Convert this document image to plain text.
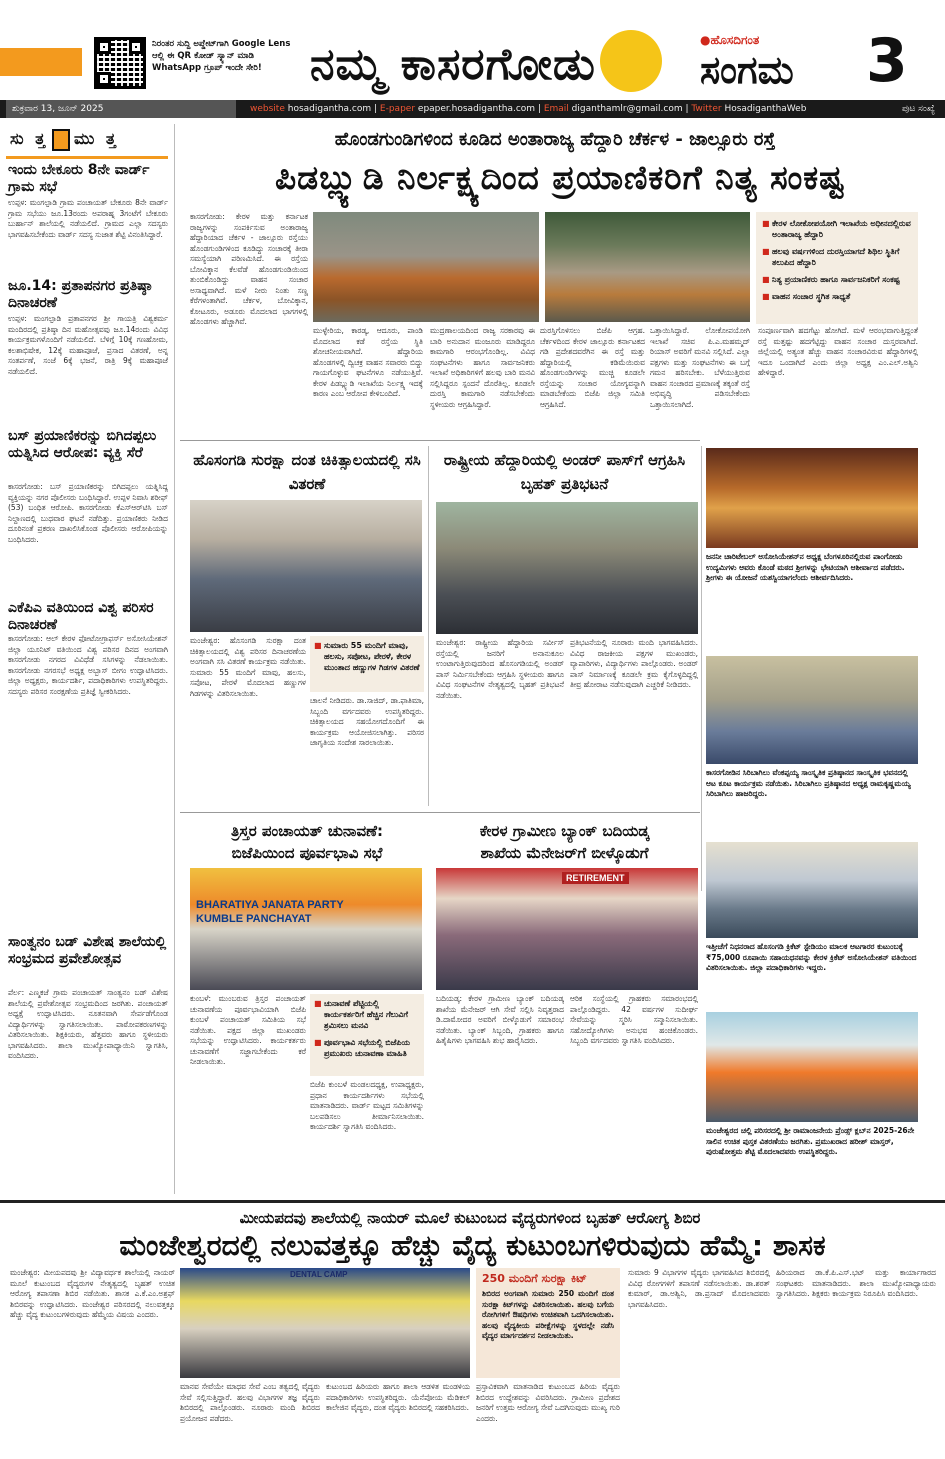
ನಿರಂತರ ಸುದ್ದಿ ಅಪ್ಡೇಟ್‌ಗಾಗಿ Google Lens ಆಲ್ಲಿ ಈ QR ಕೋಡ್ ಸ್ಕ್ಯಾನ್ ಮಾಡಿ WhatsApp ಗ್ರೂಪ್ ಇಂದೇ ಸೇರಿ!	ನಮ್ಮ ಕಾಸರಗೋಡು	●ಹೊಸದಿಗಂತ
ಸಂಗಮ 3
ಶುಕ್ರವಾರ 13, ಜೂನ್ 2025	website hosadigantha.com | E-paper epaper.hosadigantha.com | Email diganthamlr@gmail.com | Twitter HosadiganthaWeb	ಪುಟ ಸಂಖ್ಯೆ
ಸು ತ್ತ ಮು ತ್ತ
ಇಂದು ಬೇಕೂರು 8ನೇ ವಾರ್ಡ್ ಗ್ರಾಮ ಸಭೆ
ಉಪ್ಪಳ: ಮಂಗಲ್ಪಾಡಿ ಗ್ರಾಮ ಪಂಚಾಯತ್ ಬೇಕೂರು 8ನೇ ವಾರ್ಡ್ ಗ್ರಾಮ ಸಭೆಯು ಜೂ.13ರಂದು ಅಪರಾಹ್ನ 3ಗಂಟೆಗೆ ಬೇಕೂರು ಬುರ್ಹಾನ್ ಶಾಲೆಯಲ್ಲಿ ನಡೆಯಲಿದೆ. ಗ್ರಾಮದ ಎಲ್ಲಾ ಸದಸ್ಯರು ಭಾಗವಹಿಸಬೇಕೆಂದು ವಾರ್ಡ್ ಸದಸ್ಯ ಸುಜಾತ ಶೆಟ್ಟಿ ವಿನಂತಿಸಿದ್ದಾರೆ.
ಜೂ.14: ಪ್ರತಾಪನಗರ ಪ್ರತಿಷ್ಠಾ ದಿನಾಚರಣೆ
ಉಪ್ಪಳ: ಮಂಗಲ್ಪಾಡಿ ಪ್ರತಾಪನಗರ ಶ್ರೀ ಗಾಯತ್ರಿ ವಿಶ್ವಕರ್ಮ ಮಂದಿರದಲ್ಲಿ ಪ್ರತಿಷ್ಠಾ ದಿನ ಮಹೋತ್ಸವವು ಜೂ.14ರಂದು ವಿವಿಧ ಕಾರ್ಯಕ್ರಮಗಳೊಂದಿಗೆ ನಡೆಯಲಿದೆ. ಬೆಳಿಗ್ಗೆ 10ಕ್ಕೆ ಗಣಹೋಮ, ಕಲಶಾಭಿಷೇಕ, 12ಕ್ಕೆ ಮಹಾಪೂಜೆ, ಪ್ರಸಾದ ವಿತರಣೆ, ಅನ್ನ ಸಂತರ್ಪಣೆ, ಸಂಜೆ 6ಕ್ಕೆ ಭಜನೆ, ರಾತ್ರಿ 9ಕ್ಕೆ ಮಹಾಪೂಜೆ ನಡೆಯಲಿದೆ.
ಬಸ್ ಪ್ರಯಾಣಿಕರನ್ನು ಬಿಗಿದಪ್ಪಲು ಯತ್ನಿಸಿದ ಆರೋಪ: ವ್ಯಕ್ತಿ ಸೆರೆ
ಕಾಸರಗೋಡು: ಬಸ್ ಪ್ರಯಾಣಿಕರನ್ನು ಬಿಗಿದಪ್ಪಲು ಯತ್ನಿಸಿದ್ದ ವ್ಯಕ್ತಿಯನ್ನು ನಗರ ಪೊಲೀಸರು ಬಂಧಿಸಿದ್ದಾರೆ. ಉಪ್ಪಳ ನಿವಾಸಿ ಶರೀಫ್ (53) ಬಂಧಿತ ಆರೋಪಿ. ಕಾಸರಗೋಡು ಕೆಎಸ್‌ಆರ್‌ಟಿಸಿ ಬಸ್ ನಿಲ್ದಾಣದಲ್ಲಿ ಬುಧವಾರ ಘಟನೆ ನಡೆದಿತ್ತು. ಪ್ರಯಾಣಿಕರು ನೀಡಿದ ದೂರಿನಂತೆ ಪ್ರಕರಣ ದಾಖಲಿಸಿಕೊಂಡ ಪೊಲೀಸರು ಆರೋಪಿಯನ್ನು ಬಂಧಿಸಿದರು.
ಎಕೆಪಿಎ ವತಿಯಿಂದ ವಿಶ್ವ ಪರಿಸರ ದಿನಾಚರಣೆ
ಕಾಸರಗೋಡು: ಆಲ್ ಕೇರಳ ಫೋಟೋಗ್ರಾಫರ್ಸ್ ಅಸೋಸಿಯೇಶನ್ ಜಿಲ್ಲಾ ಯೂನಿಟ್ ವತಿಯಿಂದ ವಿಶ್ವ ಪರಿಸರ ದಿನದ ಅಂಗವಾಗಿ ಕಾಸರಗೋಡು ನಗರದ ವಿವಿಧೆಡೆ ಸಸಿಗಳನ್ನು ನೆಡಲಾಯಿತು. ಕಾಸರಗೋಡು ನಗರಸಭೆ ಅಧ್ಯಕ್ಷ ಅಬ್ಬಾಸ್ ಬೀಗಂ ಉದ್ಘಾಟಿಸಿದರು. ಜಿಲ್ಲಾ ಅಧ್ಯಕ್ಷರು, ಕಾರ್ಯದರ್ಶಿ, ಪದಾಧಿಕಾರಿಗಳು ಉಪಸ್ಥಿತರಿದ್ದರು. ಸದಸ್ಯರು ಪರಿಸರ ಸಂರಕ್ಷಣೆಯ ಪ್ರತಿಜ್ಞೆ ಸ್ವೀಕರಿಸಿದರು.
ಸಾಂತ್ವನಂ ಬಡ್ ವಿಶೇಷ ಶಾಲೆಯಲ್ಲಿ ಸಂಭ್ರಮದ ಪ್ರವೇಶೋತ್ಸವ
ಪೆರ್ಲ: ಎಣ್ಮಕಜೆ ಗ್ರಾಮ ಪಂಚಾಯತ್ ಸಾಂತ್ವನಂ ಬಡ್ ವಿಶೇಷ ಶಾಲೆಯಲ್ಲಿ ಪ್ರವೇಶೋತ್ಸವ ಸಂಭ್ರಮದಿಂದ ಜರಗಿತು. ಪಂಚಾಯತ್ ಅಧ್ಯಕ್ಷೆ ಉದ್ಘಾಟಿಸಿದರು. ನೂತನವಾಗಿ ಸೇರ್ಪಡೆಗೊಂಡ ವಿದ್ಯಾರ್ಥಿಗಳನ್ನು ಸ್ವಾಗತಿಸಲಾಯಿತು. ಪಾಠೋಪಕರಣಗಳನ್ನು ವಿತರಿಸಲಾಯಿತು. ಶಿಕ್ಷಕಿಯರು, ಹೆತ್ತವರು ಹಾಗೂ ಸ್ಥಳೀಯರು ಭಾಗವಹಿಸಿದರು. ಶಾಲಾ ಮುಖ್ಯೋಪಾಧ್ಯಾಯಿನಿ ಸ್ವಾಗತಿಸಿ, ವಂದಿಸಿದರು.
ಹೊಂಡಗುಂಡಿಗಳಿಂದ ಕೂಡಿದ ಅಂತಾರಾಜ್ಯ ಹೆದ್ದಾರಿ ಚೆರ್ಕಳ - ಜಾಲ್ಸೂರು ರಸ್ತೆ
ಪಿಡಬ್ಲ್ಯುಡಿ ನಿರ್ಲಕ್ಷ್ಯದಿಂದ ಪ್ರಯಾಣಿಕರಿಗೆ ನಿತ್ಯ ಸಂಕಷ್ಟ
ಕಾಸರಗೋಡು: ಕೇರಳ ಮತ್ತು ಕರ್ನಾಟಕ ರಾಜ್ಯಗಳನ್ನು ಸಂಪರ್ಕಿಸುವ ಅಂತಾರಾಜ್ಯ ಹೆದ್ದಾರಿಯಾದ ಚೆರ್ಕಳ - ಜಾಲ್ಸೂರು ರಸ್ತೆಯು ಹೊಂಡಗುಂಡಿಗಳಿಂದ ಕೂಡಿದ್ದು ಸಂಚಾರಕ್ಕೆ ತೀರಾ ಸಮಸ್ಯೆಯಾಗಿ ಪರಿಣಮಿಸಿದೆ. ಈ ರಸ್ತೆಯ ಬೋವಿಕ್ಕಾನ ಕೆಲವೆಡೆ ಹೊಂಡಗುಂಡಿಯಿಂದ ತುಂಬಿಕೊಂಡಿದ್ದು ವಾಹನ ಸಂಚಾರ ಅಸಾಧ್ಯವಾಗಿದೆ. ಮಳೆ ನೀರು ನಿಂತು ಸಣ್ಣ ಕೆರೆಗಳಂತಾಗಿವೆ. ಚೆರ್ಕಳ, ಬೋವಿಕ್ಕಾನ, ಕೋಟೂರು, ಅಡೂರು ಮೊದಲಾದ ಭಾಗಗಳಲ್ಲಿ ಹೊಂಡಗಳು ಹೆಚ್ಚಾಗಿವೆ.
ಮುಳ್ಳೇರಿಯ, ಕಾರಡ್ಕ, ಆದೂರು, ಪಾಂಡಿ ಮೊದಲಾದ ಕಡೆ ರಸ್ತೆಯ ಸ್ಥಿತಿ ಶೋಚನೀಯವಾಗಿದೆ. ಹೆದ್ದಾರಿಯ ಹೊಂಡಗಳಲ್ಲಿ ದ್ವಿಚಕ್ರ ವಾಹನ ಸವಾರರು ಬಿದ್ದು ಗಾಯಗೊಳ್ಳುವ ಘಟನೆಗಳೂ ನಡೆಯುತ್ತಿವೆ. ಕೇರಳ ಪಿಡಬ್ಲ್ಯುಡಿ ಇಲಾಖೆಯ ನಿರ್ಲಕ್ಷ್ಯ ಇದಕ್ಕೆ ಕಾರಣ ಎಂಬ ಆರೋಪ ಕೇಳಿಬಂದಿದೆ.
ಮುದ್ರಣಾಲಯದಿಂದ ರಾಜ್ಯ ಸರಕಾರವು ಈ ಬಾರಿ ಅನುದಾನ ಮಂಜೂರು ಮಾಡಿದ್ದರೂ ಕಾಮಗಾರಿ ಆರಂಭಗೊಂಡಿಲ್ಲ. ವಿವಿಧ ಸಂಘಟನೆಗಳು ಹಾಗೂ ಸಾರ್ವಜನಿಕರು ಇಲಾಖೆ ಅಧಿಕಾರಿಗಳಿಗೆ ಹಲವು ಬಾರಿ ಮನವಿ ಸಲ್ಲಿಸಿದ್ದರೂ ಸ್ಪಂದನೆ ದೊರೆತಿಲ್ಲ. ಕೂಡಲೇ ದುರಸ್ತಿ ಕಾಮಗಾರಿ ನಡೆಸಬೇಕೆಂದು ಸ್ಥಳೀಯರು ಆಗ್ರಹಿಸಿದ್ದಾರೆ.
ದುರಸ್ತಿಗೊಳಿಸಲು ಬಿಜೆಪಿ ಆಗ್ರಹ. ಚೆರ್ಕಳದಿಂದ ಕೇರಳ ಜಾಲ್ಸೂರು ಕರ್ನಾಟಕದ ಗಡಿ ಪ್ರದೇಶದವರೆಗಿನ ಈ ರಸ್ತೆ ಮತ್ತು ಹೆದ್ದಾರಿಯಲ್ಲಿ ಕಡಿಮೆಯಿರುವ ಹೊಂಡಗುಂಡಿಗಳನ್ನು ಮುಚ್ಚಿ ಕೂಡಲೇ ರಸ್ತೆಯನ್ನು ಸಂಚಾರ ಯೋಗ್ಯವನ್ನಾಗಿ ಮಾಡಬೇಕೆಂದು ಬಿಜೆಪಿ ಜಿಲ್ಲಾ ಸಮಿತಿ ಆಗ್ರಹಿಸಿದೆ.
ಒತ್ತಾಯಿಸಿದ್ದಾರೆ. ಲೋಕೋಪಯೋಗಿ ಇಲಾಖೆ ಸಚಿವ ಪಿ.ಎ.ಮಹಮ್ಮದ್ ರಿಯಾಸ್ ಅವರಿಗೆ ಮನವಿ ಸಲ್ಲಿಸಿದೆ. ಎಲ್ಲಾ ಪಕ್ಷಗಳು ಮತ್ತು ಸಂಘಟನೆಗಳು ಈ ಬಗ್ಗೆ ಗಮನ ಹರಿಸಬೇಕು. ಬೆಳೆಯುತ್ತಿರುವ ವಾಹನ ಸಂಚಾರದ ಪ್ರಮಾಣಕ್ಕೆ ತಕ್ಕಂತೆ ರಸ್ತೆ ಅಭಿವೃದ್ಧಿ ಪಡಿಸಬೇಕೆಂದು ಒತ್ತಾಯಿಸಲಾಗಿದೆ.
ಸಂಪೂರ್ಣವಾಗಿ ಹದಗೆಟ್ಟು ಹೋಗಿದೆ. ಮಳೆ ಆರಂಭವಾಗುತ್ತಿದ್ದಂತೆ ರಸ್ತೆ ಮತ್ತಷ್ಟು ಹದಗೆಟ್ಟಿದ್ದು ವಾಹನ ಸಂಚಾರ ದುಸ್ತರವಾಗಿದೆ. ಜಿಲ್ಲೆಯಲ್ಲಿ ಅತ್ಯಂತ ಹೆಚ್ಚು ವಾಹನ ಸಂಚಾರವಿರುವ ಹೆದ್ದಾರಿಗಳಲ್ಲಿ ಇದೂ ಒಂದಾಗಿದೆ ಎಂದು ಜಿಲ್ಲಾ ಅಧ್ಯಕ್ಷ ಎಂ.ಎಲ್.ಅಶ್ವಿನಿ ಹೇಳಿದ್ದಾರೆ.
■ ಕೇರಳ ಲೋಕೋಪಯೋಗಿ ಇಲಾಖೆಯ ಅಧೀನದಲ್ಲಿರುವ ಅಂತಾರಾಜ್ಯ ಹೆದ್ದಾರಿ
■ ಹಲವು ವರ್ಷಗಳಿಂದ ದುರಸ್ತಿಯಾಗದೆ ಶಿಥಿಲ ಸ್ಥಿತಿಗೆ ತಲುಪಿದ ಹೆದ್ದಾರಿ
■ ನಿತ್ಯ ಪ್ರಯಾಣಿಕರು ಹಾಗೂ ಸಾರ್ವಜನಿಕರಿಗೆ ಸಂಕಷ್ಟ
■ ವಾಹನ ಸಂಚಾರ ಸ್ಥಗಿತ ಸಾಧ್ಯತೆ
ಹೊಸಂಗಡಿ ಸುರಕ್ಷಾ ದಂತ ಚಿಕಿತ್ಸಾಲಯದಲ್ಲಿ ಸಸಿ ವಿತರಣೆ
■ ಸುಮಾರು 55 ಮಂದಿಗೆ ಮಾವು, ಹಲಸು, ಸಪೋಟ, ಪೇರಳೆ, ಕೇರಳ ಮುಂತಾದ ಹಣ್ಣುಗಳ ಗಿಡಗಳ ವಿತರಣೆ
ಮಂಜೇಶ್ವರ: ಹೊಸಂಗಡಿ ಸುರಕ್ಷಾ ದಂತ ಚಿಕಿತ್ಸಾಲಯದಲ್ಲಿ ವಿಶ್ವ ಪರಿಸರ ದಿನಾಚರಣೆಯ ಅಂಗವಾಗಿ ಸಸಿ ವಿತರಣೆ ಕಾರ್ಯಕ್ರಮ ನಡೆಯಿತು. ಸುಮಾರು 55 ಮಂದಿಗೆ ಮಾವು, ಹಲಸು, ಸಪೋಟ, ಪೇರಳೆ ಮೊದಲಾದ ಹಣ್ಣುಗಳ ಗಿಡಗಳನ್ನು ವಿತರಿಸಲಾಯಿತು.
ಚಾಲನೆ ನೀಡಿದರು. ಡಾ.ಸಾಜಿದ್, ಡಾ.ಫಾತಿಮಾ, ಸಿಬ್ಬಂದಿ ವರ್ಗದವರು ಉಪಸ್ಥಿತರಿದ್ದರು. ಚಿಕಿತ್ಸಾಲಯದ ಸಹಯೋಗದೊಂದಿಗೆ ಈ ಕಾರ್ಯಕ್ರಮ ಆಯೋಜಿಸಲಾಗಿತ್ತು. ಪರಿಸರ ಜಾಗೃತಿಯ ಸಂದೇಶ ಸಾರಲಾಯಿತು.
ರಾಷ್ಟ್ರೀಯ ಹೆದ್ದಾರಿಯಲ್ಲಿ ಅಂಡರ್ ಪಾಸ್‌ಗೆ ಆಗ್ರಹಿಸಿ ಬೃಹತ್ ಪ್ರತಿಭಟನೆ
ಮಂಜೇಶ್ವರ: ರಾಷ್ಟ್ರೀಯ ಹೆದ್ದಾರಿಯ ಸರ್ವೀಸ್ ರಸ್ತೆಯಲ್ಲಿ ಜನರಿಗೆ ಅನಾನುಕೂಲ ಉಂಟಾಗುತ್ತಿರುವುದರಿಂದ ಹೊಸಂಗಡಿಯಲ್ಲಿ ಅಂಡರ್ ಪಾಸ್ ನಿರ್ಮಿಸಬೇಕೆಂದು ಆಗ್ರಹಿಸಿ ಸ್ಥಳೀಯರು ಹಾಗೂ ವಿವಿಧ ಸಂಘಟನೆಗಳ ನೇತೃತ್ವದಲ್ಲಿ ಬೃಹತ್ ಪ್ರತಿಭಟನೆ ನಡೆಯಿತು.
ಪ್ರತಿಭಟನೆಯಲ್ಲಿ ನೂರಾರು ಮಂದಿ ಭಾಗವಹಿಸಿದರು. ವಿವಿಧ ರಾಜಕೀಯ ಪಕ್ಷಗಳ ಮುಖಂಡರು, ವ್ಯಾಪಾರಿಗಳು, ವಿದ್ಯಾರ್ಥಿಗಳು ಪಾಲ್ಗೊಂಡರು. ಅಂಡರ್ ಪಾಸ್ ನಿರ್ಮಾಣಕ್ಕೆ ಕೂಡಲೇ ಕ್ರಮ ಕೈಗೊಳ್ಳದಿದ್ದಲ್ಲಿ ತೀವ್ರ ಹೋರಾಟ ನಡೆಸುವುದಾಗಿ ಎಚ್ಚರಿಕೆ ನೀಡಿದರು.
ಜನನೀ ಚಾರಿಟೇಬಲ್ ಅಸೋಸಿಯೇಶನ್‌ನ ಅಧ್ಯಕ್ಷ ಬೆಂಗಳೂರಿನಲ್ಲಿರುವ ಪಾಂಗೋಡು ಉದ್ಯಮಿಗಳು ಆವರು ಕೊಂಡೆ ಮಠದ ಶ್ರೀಗಳನ್ನು ಭೇಟಿಯಾಗಿ ಆಶೀರ್ವಾದ ಪಡೆದರು. ಶ್ರೀಗಳು ಈ ಯೋಜನೆ ಯಶಸ್ವಿಯಾಗಲೆಂದು ಆಶೀರ್ವದಿಸಿದರು.
ಕಾಸರಗೋಡಿನ ಸಿರಿಬಾಗಿಲು ವೆಂಕಪ್ಪಯ್ಯ ಸಾಂಸ್ಕೃತಿಕ ಪ್ರತಿಷ್ಠಾನದ ಸಾಂಸ್ಕೃತಿಕ ಭವನದಲ್ಲಿ ಆಟ ಕೂಟ ಕಾರ್ಯಕ್ರಮ ನಡೆಯಿತು. ಸಿರಿಬಾಗಿಲು ಪ್ರತಿಷ್ಠಾನದ ಅಧ್ಯಕ್ಷ ರಾಮಕೃಷ್ಣಮಯ್ಯ ಸಿರಿಬಾಗಿಲು ಹಾಜರಿದ್ದರು.
ಇತ್ತೀಚೆಗೆ ನಿಧನರಾದ ಹೊಸಂಗಡಿ ಕ್ರಿಕೆಟ್ ಸ್ಟೇಡಿಯಂ ಮಾಲಕ ಆಟಗಾರರ ಕುಟುಂಬಕ್ಕೆ ₹75,000 ರೂಪಾಯಿ ಸಹಾಯಧನವನ್ನು ಕೇರಳ ಕ್ರಿಕೆಟ್ ಅಸೋಸಿಯೇಶನ್ ವತಿಯಿಂದ ವಿತರಿಸಲಾಯಿತು. ಜಿಲ್ಲಾ ಪದಾಧಿಕಾರಿಗಳು ಇದ್ದರು.
ಮಂಜೇಶ್ವರದ ಚಲ್ಲಿ ಪರಿಸರದಲ್ಲಿ ಶ್ರೀ ರಾಮಾಂಜನೇಯ ಪ್ರೆಂಡ್ಸ್ ಕ್ಲಬ್‌ನ 2025-26ನೇ ಸಾಲಿನ ಉಚಿತ ಪುಸ್ತಕ ವಿತರಣೆಯು ಜರಗಿತು. ಪ್ರಮುಖರಾದ ಹರೀಶ್ ಮಾಸ್ತರ್, ಪುರುಷೋತ್ತಮ ಶೆಟ್ಟಿ ಮೊದಲಾದವರು ಉಪಸ್ಥಿತರಿದ್ದರು.
ತ್ರಿಸ್ತರ ಪಂಚಾಯತ್ ಚುನಾವಣೆ:
ಬಿಜೆಪಿಯಿಂದ ಪೂರ್ವಭಾವಿ ಸಭೆ
BHARATIYA JANATA PARTY KUMBLE PANCHAYAT
■ ಚುನಾವಣೆ ಪೆಟ್ಟಿಯಲ್ಲಿ ಕಾರ್ಯಕರ್ತರಿಗೆ ಹೆಚ್ಚಿನ ಗೆಲುವಿಗೆ ಶ್ರಮಿಸಲು ಮನವಿ
■ ಪೂರ್ವಭಾವಿ ಸಭೆಯಲ್ಲಿ ಬಿಜೆಪಿಯ ಪ್ರಮುಖರು ಚುನಾವಣಾ ಮಾಹಿತಿ
ಕುಂಬಳೆ: ಮುಂಬರುವ ತ್ರಿಸ್ತರ ಪಂಚಾಯತ್ ಚುನಾವಣೆಯ ಪೂರ್ವಭಾವಿಯಾಗಿ ಬಿಜೆಪಿ ಕುಂಬಳೆ ಪಂಚಾಯತ್ ಸಮಿತಿಯ ಸಭೆ ನಡೆಯಿತು. ಪಕ್ಷದ ಜಿಲ್ಲಾ ಮುಖಂಡರು ಸಭೆಯನ್ನು ಉದ್ಘಾಟಿಸಿದರು. ಕಾರ್ಯಕರ್ತರು ಚುನಾವಣೆಗೆ ಸಜ್ಜಾಗಬೇಕೆಂದು ಕರೆ ನೀಡಲಾಯಿತು.
ಬಿಜೆಪಿ ಕುಂಬಳೆ ಮಂಡಲದಧ್ಯಕ್ಷ, ಉಪಾಧ್ಯಕ್ಷರು, ಪ್ರಧಾನ ಕಾರ್ಯದರ್ಶಿಗಳು ಸಭೆಯಲ್ಲಿ ಮಾತನಾಡಿದರು. ವಾರ್ಡ್ ಮಟ್ಟದ ಸಮಿತಿಗಳನ್ನು ಬಲಪಡಿಸಲು ತೀರ್ಮಾನಿಸಲಾಯಿತು. ಕಾರ್ಯದರ್ಶಿ ಸ್ವಾಗತಿಸಿ ವಂದಿಸಿದರು.
ಕೇರಳ ಗ್ರಾಮೀಣ ಬ್ಯಾಂಕ್ ಬದಿಯಡ್ಕ
ಶಾಖೆಯ ಮೆನೇಜರ್‌ಗೆ ಬೀಳ್ಕೊಡುಗೆ
RETIREMENT
ಬದಿಯಡ್ಕ: ಕೇರಳ ಗ್ರಾಮೀಣ ಬ್ಯಾಂಕ್ ಬದಿಯಡ್ಕ ಶಾಖೆಯ ಮೆನೇಜರ್ ಆಗಿ ಸೇವೆ ಸಲ್ಲಿಸಿ ನಿವೃತ್ತರಾದ ಡಿ.ದಾಮೋದರ ಅವರಿಗೆ ಬೀಳ್ಕೊಡುಗೆ ಸಮಾರಂಭ ನಡೆಯಿತು. ಬ್ಯಾಂಕ್ ಸಿಬ್ಬಂದಿ, ಗ್ರಾಹಕರು ಹಾಗೂ ಹಿತೈಷಿಗಳು ಭಾಗವಹಿಸಿ ಶುಭ ಹಾರೈಸಿದರು.
ಆರಿಕ ಸಂಸ್ಥೆಯಲ್ಲಿ ಗ್ರಾಹಕರು ಸಮಾರಂಭದಲ್ಲಿ ಪಾಲ್ಗೊಂಡಿದ್ದರು. 42 ವರ್ಷಗಳ ಸುದೀರ್ಘ ಸೇವೆಯನ್ನು ಸ್ಮರಿಸಿ ಸನ್ಮಾನಿಸಲಾಯಿತು. ಸಹೋದ್ಯೋಗಿಗಳು ಅನುಭವ ಹಂಚಿಕೊಂಡರು. ಸಿಬ್ಬಂದಿ ವರ್ಗದವರು ಸ್ವಾಗತಿಸಿ ವಂದಿಸಿದರು.
ಮೀಯಪದವು ಶಾಲೆಯಲ್ಲಿ ನಾಯರ್ ಮೂಲೆ ಕುಟುಂಬದ ವೈದ್ಯರುಗಳಿಂದ ಬೃಹತ್ ಆರೋಗ್ಯ ಶಿಬಿರ
ಮಂಜೇಶ್ವರದಲ್ಲಿ ನಲುವತ್ತಕ್ಕೂ ಹೆಚ್ಚು ವೈದ್ಯ ಕುಟುಂಬಗಳಿರುವುದು ಹೆಮ್ಮೆ: ಶಾಸಕ
ಮಂಜೇಶ್ವರ: ಮೀಯಪದವು ಶ್ರೀ ವಿದ್ಯಾವರ್ಧಕ ಶಾಲೆಯಲ್ಲಿ ನಾಯರ್ ಮೂಲೆ ಕುಟುಂಬದ ವೈದ್ಯರುಗಳ ನೇತೃತ್ವದಲ್ಲಿ ಬೃಹತ್ ಉಚಿತ ಆರೋಗ್ಯ ತಪಾಸಣಾ ಶಿಬಿರ ನಡೆಯಿತು. ಶಾಸಕ ಎ.ಕೆ.ಎಂ.ಅಶ್ರಫ್ ಶಿಬಿರವನ್ನು ಉದ್ಘಾಟಿಸಿದರು. ಮಂಜೇಶ್ವರ ಪರಿಸರದಲ್ಲಿ ನಲುವತ್ತಕ್ಕೂ ಹೆಚ್ಚು ವೈದ್ಯ ಕುಟುಂಬಗಳಿರುವುದು ಹೆಮ್ಮೆಯ ವಿಷಯ ಎಂದರು.
DENTAL CAMP
ಮಾನವ ಸೇವೆಯೇ ಮಾಧವ ಸೇವೆ ಎಂಬ ತತ್ವದಲ್ಲಿ ವೈದ್ಯರು ಸೇವೆ ಸಲ್ಲಿಸುತ್ತಿದ್ದಾರೆ. ಹಲವು ವಿಭಾಗಗಳ ತಜ್ಞ ವೈದ್ಯರು ಶಿಬಿರದಲ್ಲಿ ಪಾಲ್ಗೊಂಡರು. ನೂರಾರು ಮಂದಿ ಶಿಬಿರದ ಪ್ರಯೋಜನ ಪಡೆದರು.
ಕುಟುಂಬದ ಹಿರಿಯರು ಹಾಗೂ ಶಾಲಾ ಆಡಳಿತ ಮಂಡಳಿಯ ಪದಾಧಿಕಾರಿಗಳು ಉಪಸ್ಥಿತರಿದ್ದರು. ಯೆನೆಪೋಯ ಮೆಡಿಕಲ್ ಕಾಲೇಜಿನ ವೈದ್ಯರು, ದಂತ ವೈದ್ಯರು ಶಿಬಿರದಲ್ಲಿ ಸಹಕರಿಸಿದರು.
250 ಮಂದಿಗೆ ಸುರಕ್ಷಾ ಕಿಟ್
ಶಿಬಿರದ ಅಂಗವಾಗಿ ಸುಮಾರು 250 ಮಂದಿಗೆ ದಂತ ಸುರಕ್ಷಾ ಕಿಟ್‌ಗಳನ್ನು ವಿತರಿಸಲಾಯಿತು. ಹಲವು ಬಗೆಯ ರೋಗಿಗಳಿಗೆ ಔಷಧಿಗಳು ಉಚಿತವಾಗಿ ಒದಗಿಸಲಾಯಿತು. ಹಲವು ವೈದ್ಯಕೀಯ ಪರೀಕ್ಷೆಗಳನ್ನು ಸ್ಥಳದಲ್ಲೇ ನಡೆಸಿ ವೈದ್ಯರ ಮಾರ್ಗದರ್ಶನ ನೀಡಲಾಯಿತು.
ಪ್ರಸ್ತಾವಿಕವಾಗಿ ಮಾತನಾಡಿದ ಕುಟುಂಬದ ಹಿರಿಯ ವೈದ್ಯರು ಶಿಬಿರದ ಉದ್ದೇಶವನ್ನು ವಿವರಿಸಿದರು. ಗ್ರಾಮೀಣ ಪ್ರದೇಶದ ಜನರಿಗೆ ಉತ್ತಮ ಆರೋಗ್ಯ ಸೇವೆ ಒದಗಿಸುವುದು ಮುಖ್ಯ ಗುರಿ ಎಂದರು.
ಸುಮಾರು 9 ವಿಭಾಗಗಳ ವೈದ್ಯರು ಭಾಗವಹಿಸಿದ ಶಿಬಿರದಲ್ಲಿ ವಿವಿಧ ರೋಗಗಳಿಗೆ ತಪಾಸಣೆ ನಡೆಸಲಾಯಿತು. ಡಾ.ಶರತ್ ಕುಮಾರ್, ಡಾ.ಅಶ್ವಿನಿ, ಡಾ.ಪ್ರಸಾದ್ ಮೊದಲಾದವರು ಭಾಗವಹಿಸಿದರು.
ಹಿರಿಯರಾದ ಡಾ.ಕೆ.ಪಿ.ಎಸ್.ಭಟ್ ಮತ್ತು ಕಾರ್ಯಾಗಾರದ ಸಂಘಟಕರು ಮಾತನಾಡಿದರು. ಶಾಲಾ ಮುಖ್ಯೋಪಾಧ್ಯಾಯರು ಸ್ವಾಗತಿಸಿದರು. ಶಿಕ್ಷಕರು ಕಾರ್ಯಕ್ರಮ ನಿರೂಪಿಸಿ ವಂದಿಸಿದರು.
